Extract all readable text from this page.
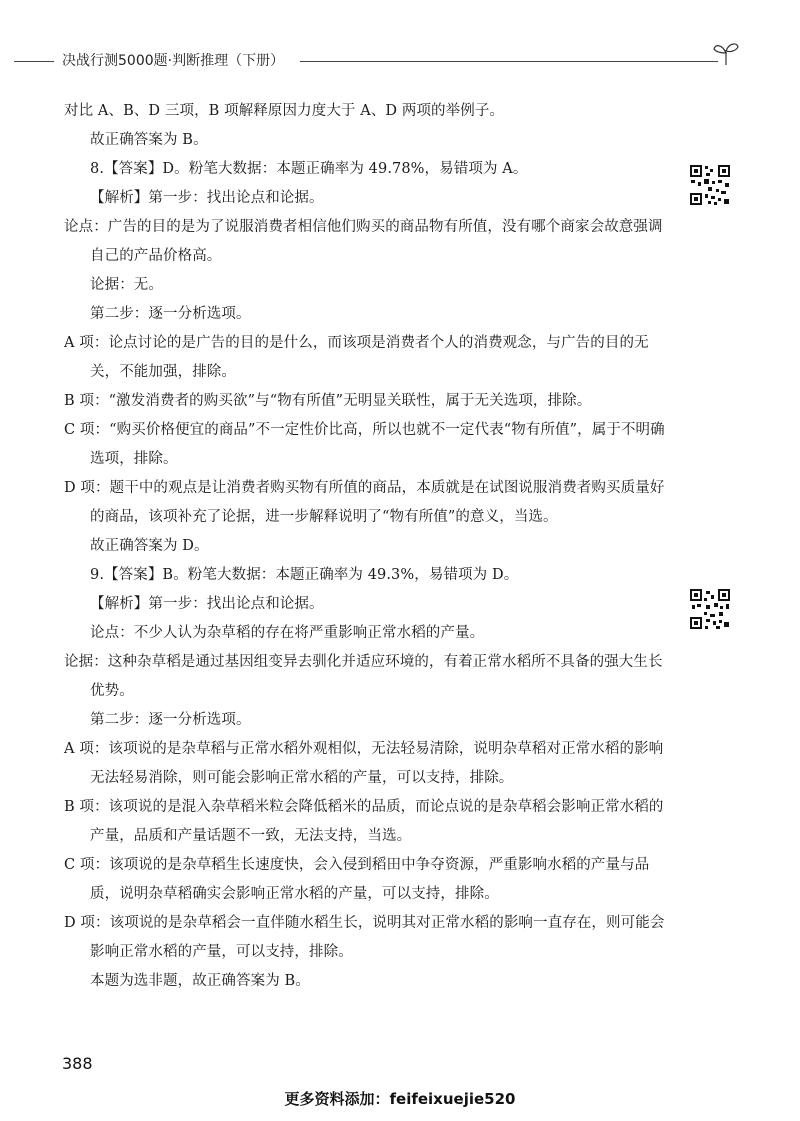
决战行测5000题·判断推理（下册）

对比 A、B、D 三项，B 项解释原因力度大于 A、D 两项的举例子。

故正确答案为 B。

8.【答案】D。粉笔大数据：本题正确率为 49.78%，易错项为 A。

【解析】第一步：找出论点和论据。

论点：广告的目的是为了说服消费者相信他们购买的商品物有所值，没有哪个商家会故意强调自己的产品价格高。

论据：无。

第二步：逐一分析选项。

A 项：论点讨论的是广告的目的是什么，而该项是消费者个人的消费观念，与广告的目的无关，不能加强，排除。

B 项：“激发消费者的购买欲”与“物有所值”无明显关联性，属于无关选项，排除。

C 项：“购买价格便宜的商品”不一定性价比高，所以也就不一定代表“物有所值”，属于不明确选项，排除。

D 项：题干中的观点是让消费者购买物有所值的商品，本质就是在试图说服消费者购买质量好的商品，该项补充了论据，进一步解释说明了“物有所值”的意义，当选。

故正确答案为 D。

9.【答案】B。粉笔大数据：本题正确率为 49.3%，易错项为 D。

【解析】第一步：找出论点和论据。

论点：不少人认为杂草稻的存在将严重影响正常水稻的产量。

论据：这种杂草稻是通过基因组变异去驯化并适应环境的，有着正常水稻所不具备的强大生长优势。

第二步：逐一分析选项。

A 项：该项说的是杂草稻与正常水稻外观相似，无法轻易清除，说明杂草稻对正常水稻的影响无法轻易消除，则可能会影响正常水稻的产量，可以支持，排除。

B 项：该项说的是混入杂草稻米粒会降低稻米的品质，而论点说的是杂草稻会影响正常水稻的产量，品质和产量话题不一致，无法支持，当选。

C 项：该项说的是杂草稻生长速度快，会入侵到稻田中争夺资源，严重影响水稻的产量与品质，说明杂草稻确实会影响正常水稻的产量，可以支持，排除。

D 项：该项说的是杂草稻会一直伴随水稻生长，说明其对正常水稻的影响一直存在，则可能会影响正常水稻的产量，可以支持，排除。

本题为选非题，故正确答案为 B。

388
更多资料添加：feifeixuejie520
